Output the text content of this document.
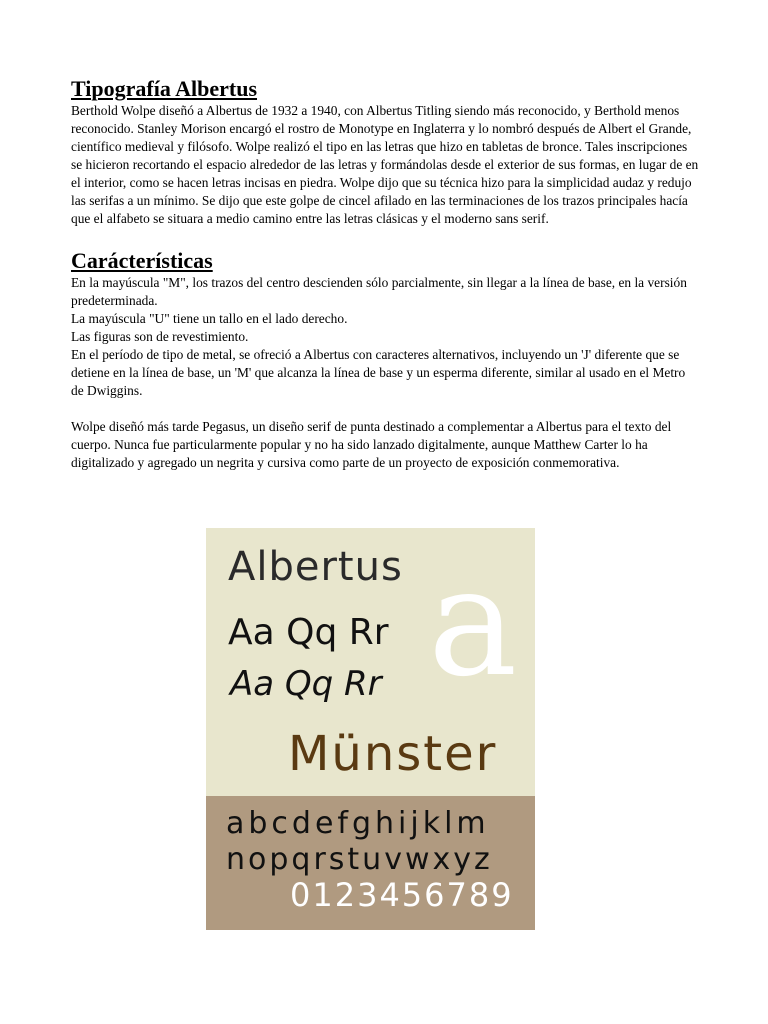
Tipografía Albertus

Berthold Wolpe diseñó a Albertus de 1932 a 1940, con Albertus Titling siendo más reconocido, y Berthold menos reconocido. Stanley Morison encargó el rostro de Monotype en Inglaterra y lo nombró después de Albert el Grande, científico medieval y filósofo. Wolpe realizó el tipo en las letras que hizo en tabletas de bronce. Tales inscripciones se hicieron recortando el espacio alrededor de las letras y formándolas desde el exterior de sus formas, en lugar de en el interior, como se hacen letras incisas en piedra. Wolpe dijo que su técnica hizo para la simplicidad audaz y redujo las serifas a un mínimo. Se dijo que este golpe de cincel afilado en las terminaciones de los trazos principales hacía que el alfabeto se situara a medio camino entre las letras clásicas y el moderno sans serif.

Carácterísticas

En la mayúscula "M", los trazos del centro descienden sólo parcialmente, sin llegar a la línea de base, en la versión predeterminada.

La mayúscula "U" tiene un tallo en el lado derecho.

Las figuras son de revestimiento.

En el período de tipo de metal, se ofreció a Albertus con caracteres alternativos, incluyendo un 'J' diferente que se detiene en la línea de base, un 'M' que alcanza la línea de base y un esperma diferente, similar al usado en el Metro de Dwiggins.

Wolpe diseñó más tarde Pegasus, un diseño serif de punta destinado a complementar a Albertus para el texto del cuerpo. Nunca fue particularmente popular y no ha sido lanzado digitalmente, aunque Matthew Carter lo ha digitalizado y agregado un negrita y cursiva como parte de un proyecto de exposición conmemorativa.

Albertus
Aa Qq Rr
Aa Qq Rr a
Münster
abcdefghijklm
nopqrstuvwxyz
0123456789
